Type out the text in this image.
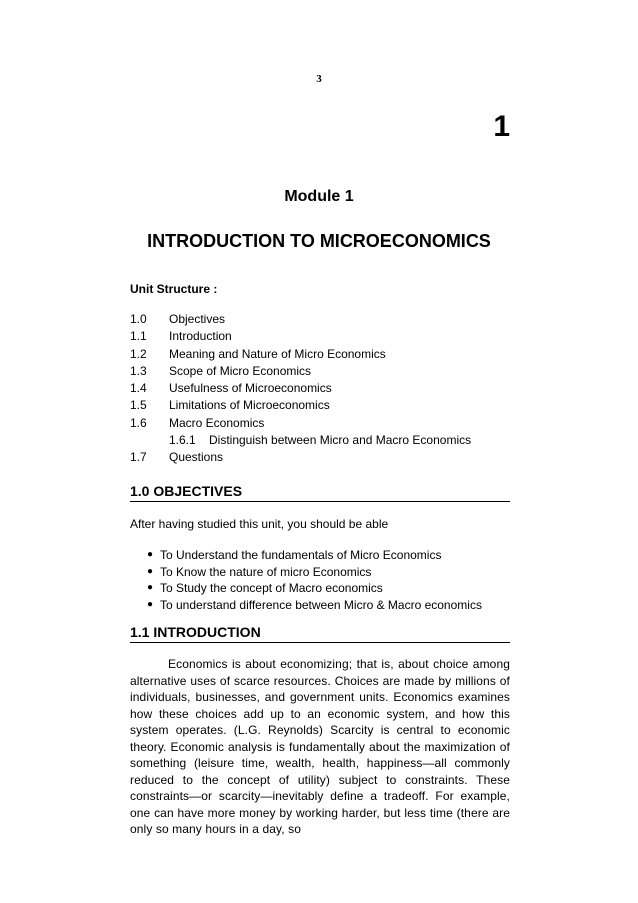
3
1
Module 1
INTRODUCTION TO MICROECONOMICS
Unit Structure :
1.0	Objectives
1.1	Introduction
1.2	Meaning and Nature of Micro Economics
1.3	Scope of Micro Economics
1.4	Usefulness of Microeconomics
1.5	Limitations of Microeconomics
1.6	Macro Economics
1.6.1	Distinguish between Micro and Macro Economics
1.7	Questions
1.0 OBJECTIVES
After having studied this unit, you should be able
● To Understand the fundamentals of Micro Economics
● To Know the nature of micro Economics
● To Study the concept of Macro economics
● To understand difference between Micro & Macro economics
1.1 INTRODUCTION

Economics is about economizing; that is, about choice among alternative uses of scarce resources. Choices are made by millions of individuals, businesses, and government units. Economics examines how these choices add up to an economic system, and how this system operates. (L.G. Reynolds) Scarcity is central to economic theory. Economic analysis is fundamentally about the maximization of something (leisure time, wealth, health, happiness—all commonly reduced to the concept of utility) subject to constraints. These constraints—or scarcity—inevitably define a tradeoff. For example, one can have more money by working harder, but less time (there are only so many hours in a day, so
